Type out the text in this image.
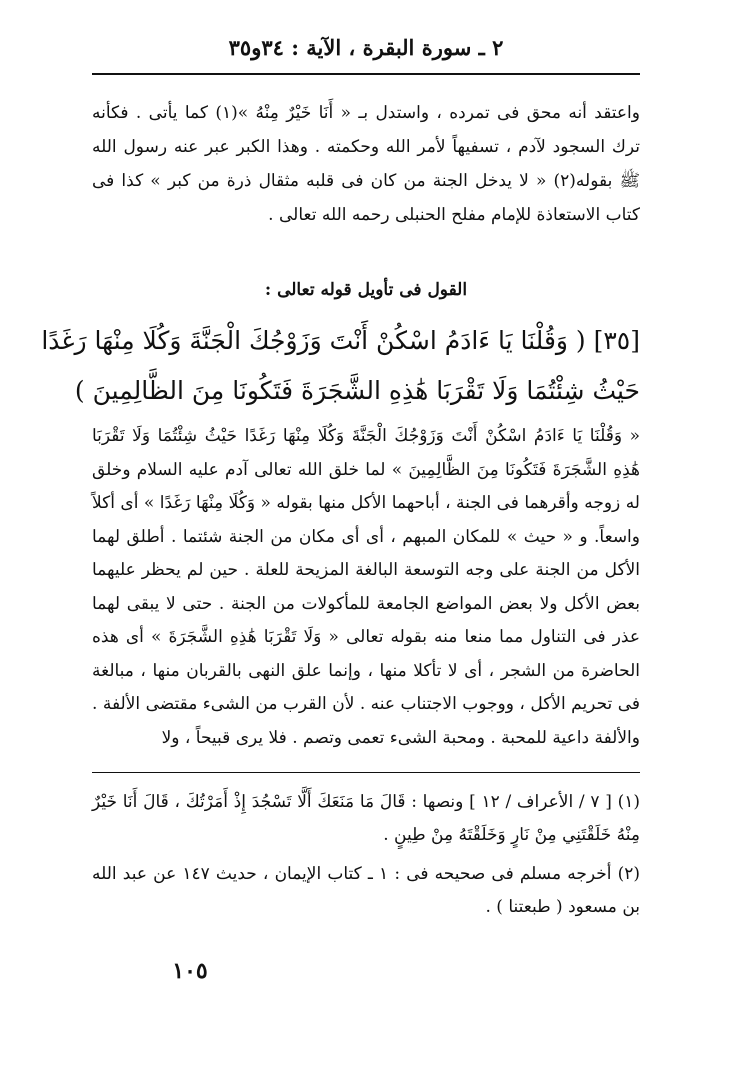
٢ ـ سورة البقرة ، الآية : ٣٤و٣٥
واعتقد أنه محق فى تمرده ، واستدل بـ « أَنَا خَيْرٌ مِنْهُ »(١) كما يأتى . فكأنه ترك السجود لآدم ، تسفيهاً لأمر الله وحكمته . وهذا الكبر عبر عنه رسول الله ﷺ بقوله(٢) « لا يدخل الجنة من كان فى قلبه مثقال ذرة من كبر » كذا فى كتاب الاستعاذة للإمام مفلح الحنبلى رحمه الله تعالى .
القول فى تأويل قوله تعالى :
[٣٥] ( وَقُلْنَا يَا ءَادَمُ اسْكُنْ أَنْتَ وَزَوْجُكَ الْجَنَّةَ وَكُلَا مِنْهَا رَغَدًا
حَيْثُ شِئْتُمَا وَلَا تَقْرَبَا هَٰذِهِ الشَّجَرَةَ فَتَكُونَا مِنَ الظَّالِمِينَ )
« وَقُلْنَا يَا ءَادَمُ اسْكُنْ أَنْتَ وَزَوْجُكَ الْجَنَّةَ وَكُلَا مِنْهَا رَغَدًا حَيْثُ شِئْتُمَا وَلَا تَقْرَبَا هَٰذِهِ الشَّجَرَةَ فَتَكُونَا مِنَ الظَّالِمِينَ » لما خلق الله تعالى آدم عليه السلام وخلق له زوجه وأقرهما فى الجنة ، أباحهما الأكل منها بقوله « وَكُلَا مِنْهَا رَغَدًا » أى أكلاً واسعاً. و « حيث » للمكان المبهم ، أى أى مكان من الجنة شئتما . أطلق لهما الأكل من الجنة على وجه التوسعة البالغة المزيحة للعلة . حين لم يحظر عليهما بعض الأكل ولا بعض المواضع الجامعة للمأكولات من الجنة . حتى لا يبقى لهما عذر فى التناول مما منعا منه بقوله تعالى « وَلَا تَقْرَبَا هَٰذِهِ الشَّجَرَةَ » أى هذه الحاضرة من الشجر ، أى لا تأكلا منها ، وإنما علق النهى بالقربان منها ، مبالغة فى تحريم الأكل ، ووجوب الاجتناب عنه . لأن القرب من الشىء مقتضى الألفة . والألفة داعية للمحبة . ومحبة الشىء تعمى وتصم . فلا يرى قبيحاً ، ولا

(١) [ ٧ / الأعراف / ١٢ ] ونصها : قَالَ مَا مَنَعَكَ أَلَّا تَسْجُدَ إِذْ أَمَرْتُكَ ، قَالَ أَنَا خَيْرٌ مِنْهُ خَلَقْتَنِي مِنْ نَارٍ وَخَلَقْتَهُ مِنْ طِينٍ .

(٢) أخرجه مسلم فى صحيحه فى : ١ ـ كتاب الإيمان ، حديث ١٤٧ عن عبد الله بن مسعود ( طبعتنا ) .

١٠٥
